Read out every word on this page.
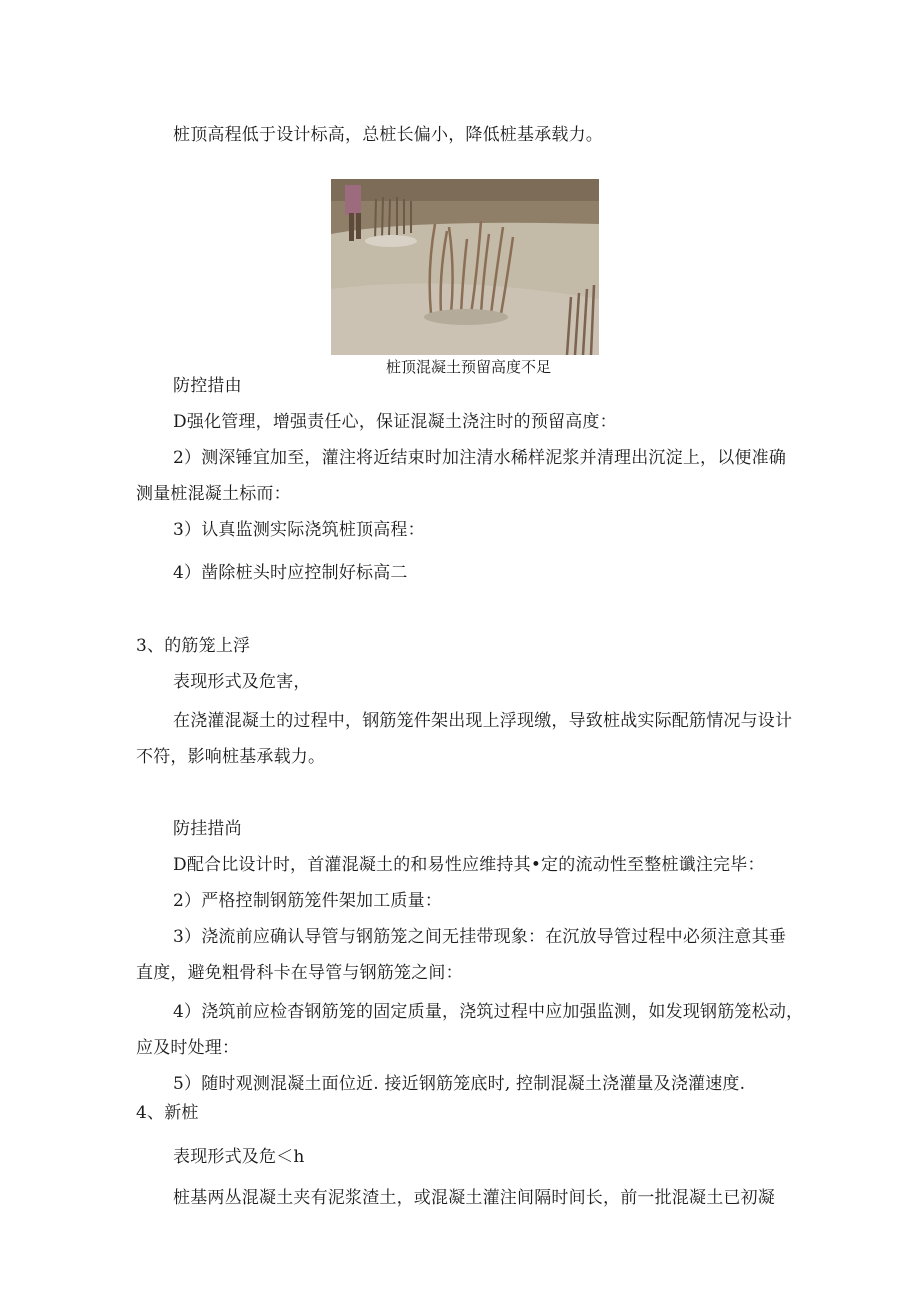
桩顶高程低于设计标高，总桩长偏小，降低桩基承载力。
桩顶混凝土预留高度不足
防控措由
D强化管理，增强责任心，保证混凝土浇注时的预留高度：
2）测深锤宜加至，灌注将近结束时加注清水稀样泥浆并清理出沉淀上，以便准确
测量桩混凝土标而：
3）认真监测实际浇筑桩顶高程：
4）凿除桩头时应控制好标高二
3、的筋笼上浮
表现形式及危害，
在浇灌混凝土的过程中，钢筋笼件架出现上浮现缴，导致桩战实际配筋情况与设计
不符，影响桩基承载力。
防挂措尚
D配合比设计时，首灌混凝土的和易性应维持其•定的流动性至整桩谶注完毕：
2）严格控制钢筋笼件架加工质量：
3）浇流前应确认导管与钢筋笼之间无挂带现象：在沉放导管过程中必须注意其垂
直度，避免粗骨科卡在导管与钢筋笼之间：
4）浇筑前应检杳钢筋笼的固定质量，浇筑过程中应加强监测，如发现钢筋笼松动，
应及时处理：
5）随时观测混凝土面位近. 接近钢筋笼底时, 控制混凝土浇灌量及浇灌速度.
4、新桩
表现形式及危＜h
桩基两丛混凝土夹有泥浆渣土，或混凝土灌注间隔时间长，前一批混凝土已初凝
